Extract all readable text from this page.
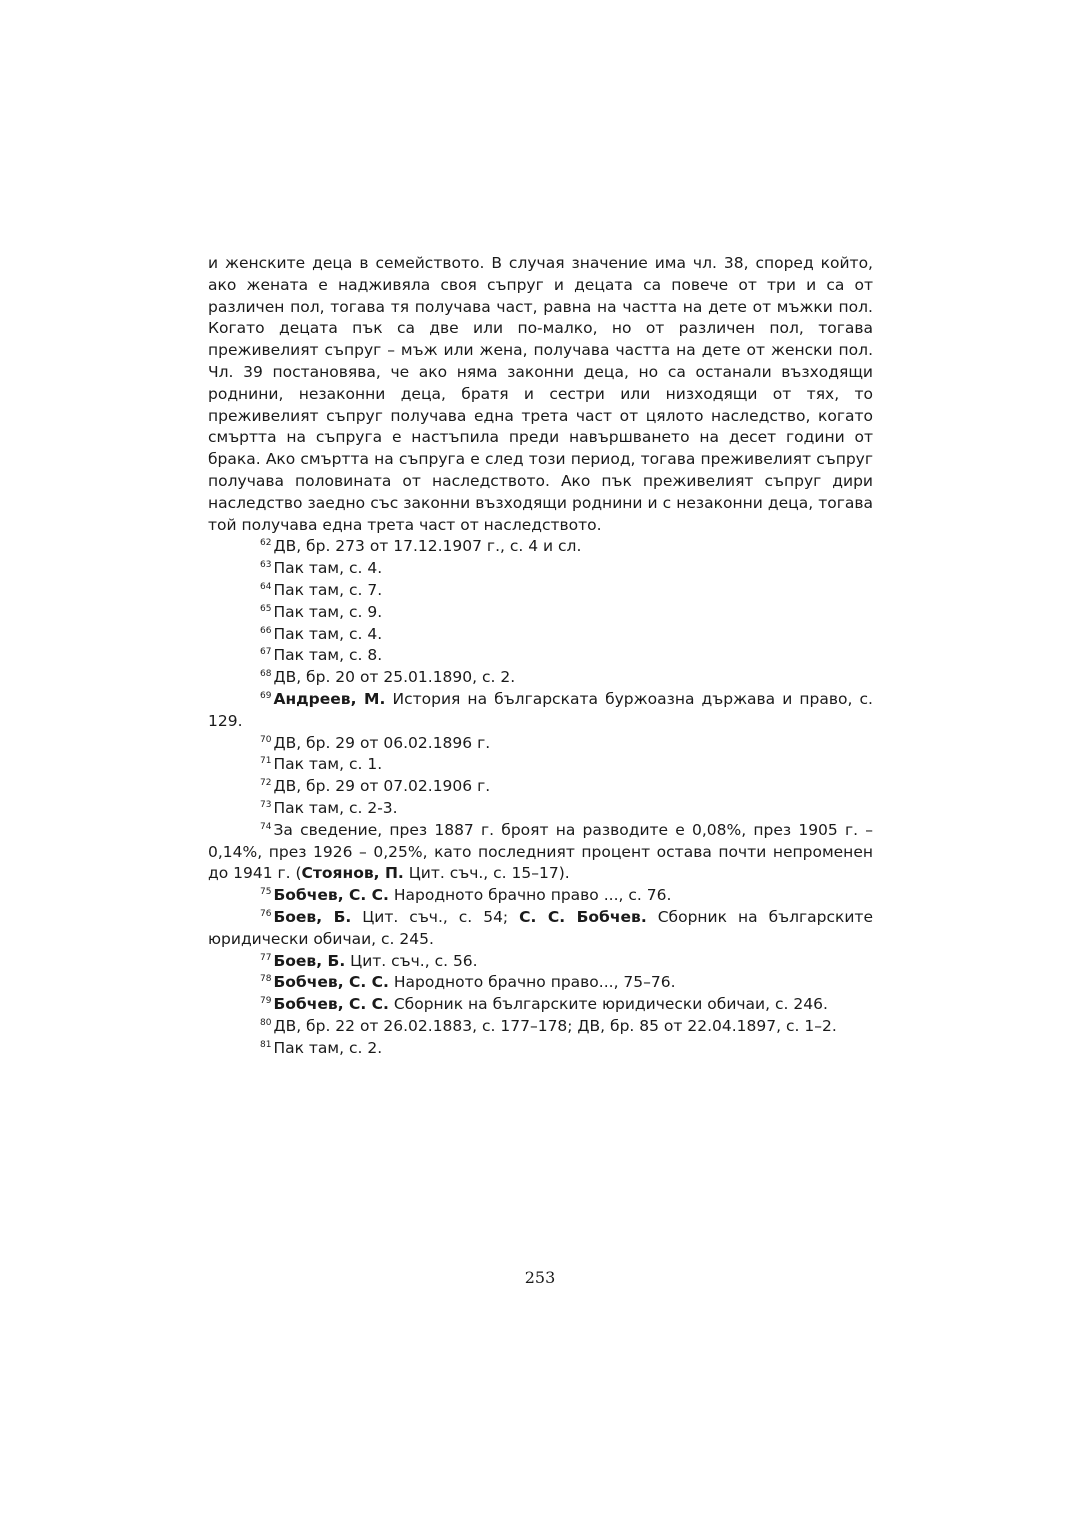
и женските деца в семейството. В случая значение има чл. 38, според който, ако жената е надживяла своя съпруг и децата са повече от три и са от различен пол, тогава тя получава част, равна на частта на дете от мъжки пол. Когато децата пък са две или по-малко, но от различен пол, тогава преживелият съпруг – мъж или жена, получава частта на дете от женски пол. Чл. 39 постановява, че ако няма законни деца, но са останали възходящи роднини, незаконни деца, братя и сестри или низходящи от тях, то преживелият съпруг получава една трета част от цялото наследство, когато смъртта на съпруга е настъпила преди навършването на десет години от брака. Ако смъртта на съпруга е след този период, тогава преживелият съпруг получава половината от наследството. Ако пък преживелият съпруг дири наследство заедно със законни възходящи роднини и с незаконни деца, тогава той получава една трета част от наследството.

$^{62}$ ДВ, бр. 273 от 17.12.1907 г., с. 4 и сл.

$^{63}$ Пак там, с. 4.

$^{64}$ Пак там, с. 7.

$^{65}$ Пак там, с. 9.

$^{66}$ Пак там, с. 4.

$^{67}$ Пак там, с. 8.

$^{68}$ ДВ, бр. 20 от 25.01.1890, с. 2.

$^{69}$ Андреев, М. История на българската буржоазна държава и право, с. 129.

$^{70}$ ДВ, бр. 29 от 06.02.1896 г.

$^{71}$ Пак там, с. 1.

$^{72}$ ДВ, бр. 29 от 07.02.1906 г.

$^{73}$ Пак там, с. 2-3.

$^{74}$ За сведение, през 1887 г. броят на разводите е 0,08%, през 1905 г. – 0,14%, през 1926 – 0,25%, като последният процент остава почти непроменен до 1941 г. (Стоянов, П. Цит. съч., с. 15–17).

$^{75}$ Бобчев, С. С. Народното брачно право ..., с. 76.

$^{76}$ Боев, Б. Цит. съч., с. 54; С. С. Бобчев. Сборник на българските юридически обичаи, с. 245.

$^{77}$ Боев, Б. Цит. съч., с. 56.

$^{78}$ Бобчев, С. С. Народното брачно право..., 75–76.

$^{79}$ Бобчев, С. С. Сборник на българските юридически обичаи, с. 246.

$^{80}$ ДВ, бр. 22 от 26.02.1883, с. 177–178; ДВ, бр. 85 от 22.04.1897, с. 1–2.

$^{81}$ Пак там, с. 2.

253
